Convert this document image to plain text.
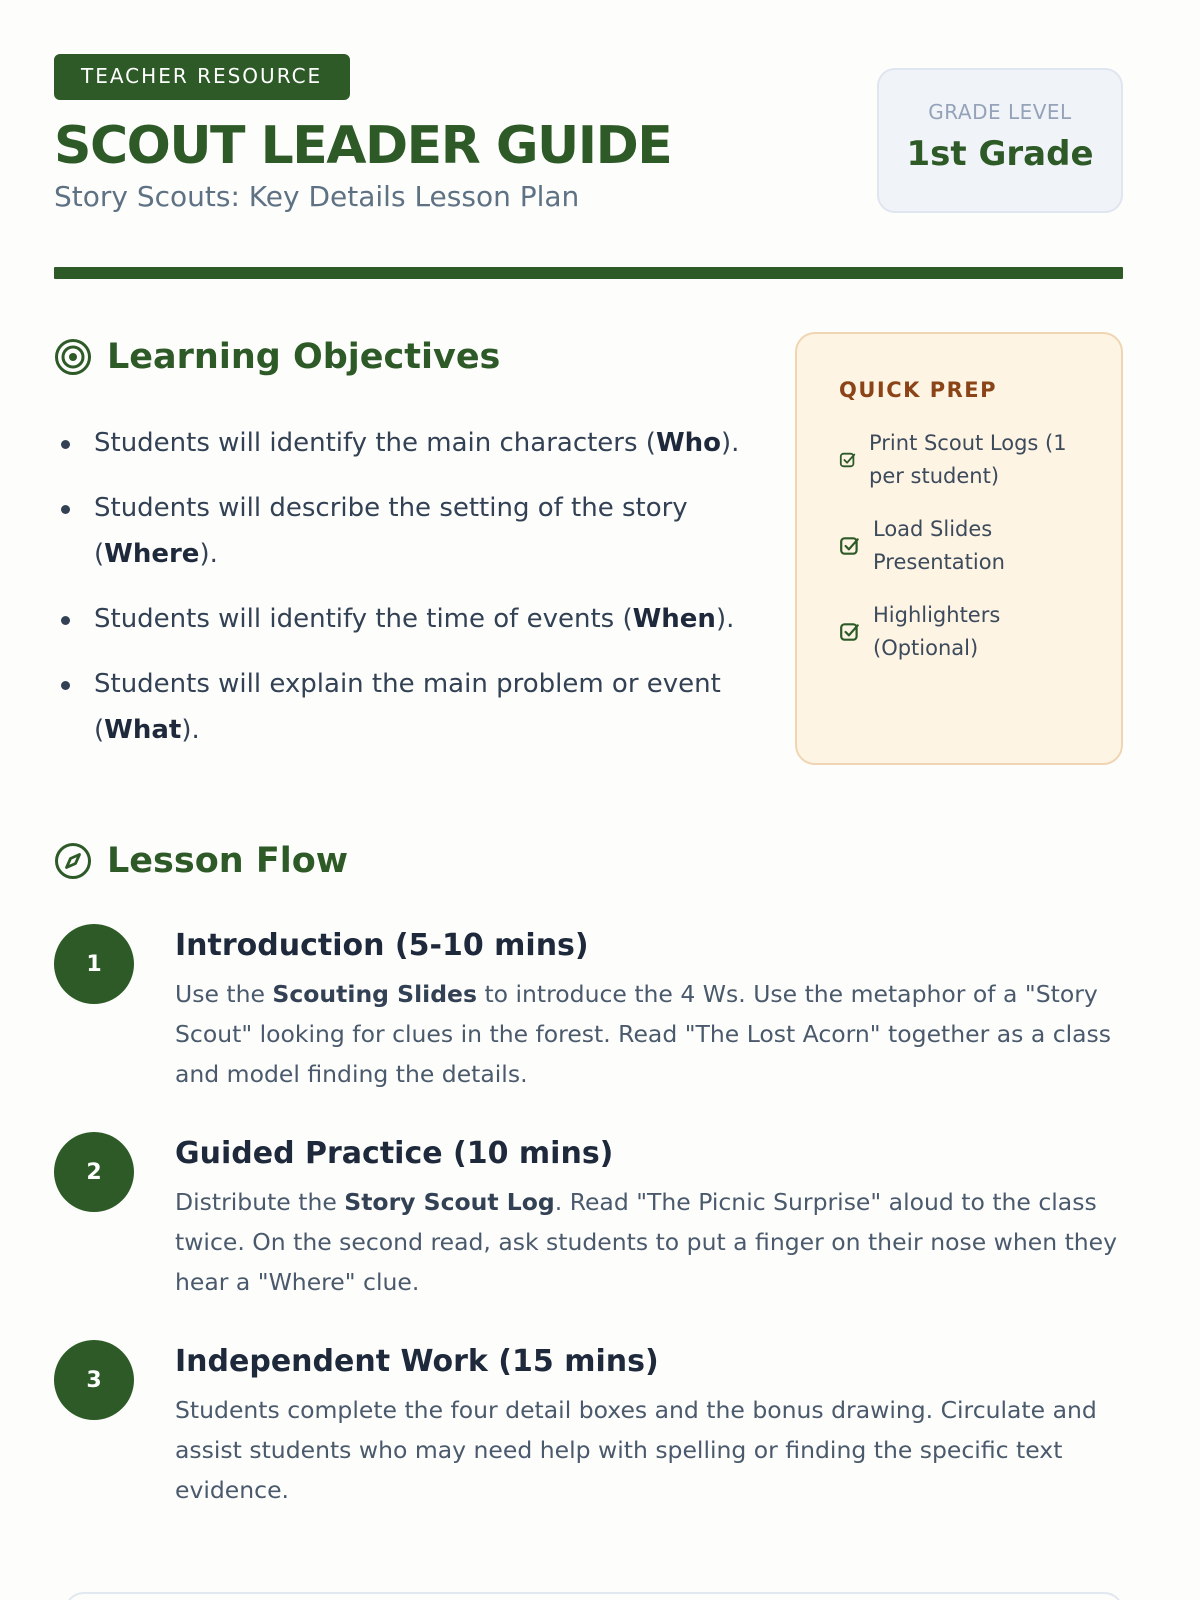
TEACHER RESOURCE
SCOUT LEADER GUIDE
Story Scouts: Key Details Lesson Plan
GRADE LEVEL
1st Grade
Learning Objectives
Students will identify the main characters (Who).
Students will describe the setting of the story (Where).
Students will identify the time of events (When).
Students will explain the main problem or event (What).
QUICK PREP
Print Scout Logs (1 per student)
Load Slides Presentation
Highlighters (Optional)
Lesson Flow
1
Introduction (5-10 mins)

Use the Scouting Slides to introduce the 4 Ws. Use the metaphor of a "Story Scout" looking for clues in the forest. Read "The Lost Acorn" together as a class and model finding the details.

2
Guided Practice (10 mins)

Distribute the Story Scout Log. Read "The Picnic Surprise" aloud to the class twice. On the second read, ask students to put a finger on their nose when they hear a "Where" clue.

3
Independent Work (15 mins)

Students complete the four detail boxes and the bonus drawing. Circulate and assist students who may need help with spelling or finding the specific text evidence.
